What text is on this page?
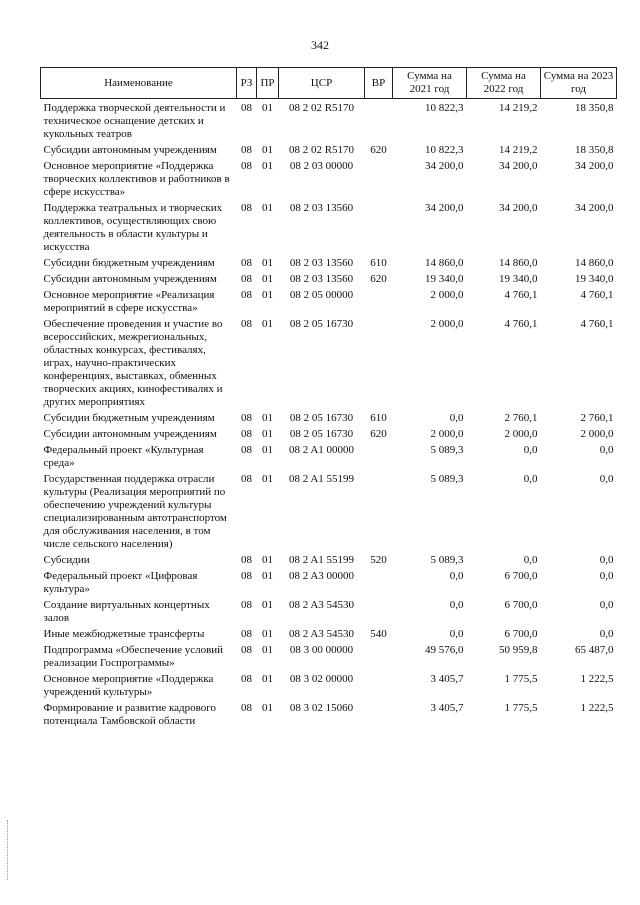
342
Наименование	РЗ	ПР	ЦСР	ВР	Сумма на 2021 год	Сумма на 2022 год	Сумма на 2023 год
Поддержка творческой деятельности и техническое оснащение детских и кукольных театров	08	01	08 2 02 R5170		10 822,3	14 219,2	18 350,8
Субсидии автономным учреждениям	08	01	08 2 02 R5170	620	10 822,3	14 219,2	18 350,8
Основное мероприятие «Поддержка творческих коллективов и работников в сфере искусства»	08	01	08 2 03 00000		34 200,0	34 200,0	34 200,0
Поддержка театральных и творческих коллективов, осуществляющих свою деятельность в области культуры и искусства	08	01	08 2 03 13560		34 200,0	34 200,0	34 200,0
Субсидии бюджетным учреждениям	08	01	08 2 03 13560	610	14 860,0	14 860,0	14 860,0
Субсидии автономным учреждениям	08	01	08 2 03 13560	620	19 340,0	19 340,0	19 340,0
Основное мероприятие «Реализация мероприятий в сфере искусства»	08	01	08 2 05 00000		2 000,0	4 760,1	4 760,1
Обеспечение проведения и участие во всероссийских, межрегиональных, областных конкурсах, фестивалях, играх, научно-практических конференциях, выставках, обменных творческих акциях, кинофестивалях и других мероприятиях	08	01	08 2 05 16730		2 000,0	4 760,1	4 760,1
Субсидии бюджетным учреждениям	08	01	08 2 05 16730	610	0,0	2 760,1	2 760,1
Субсидии автономным учреждениям	08	01	08 2 05 16730	620	2 000,0	2 000,0	2 000,0
Федеральный проект «Культурная среда»	08	01	08 2 A1 00000		5 089,3	0,0	0,0
Государственная поддержка отрасли культуры (Реализация мероприятий по обеспечению учреждений культуры специализированным автотранспортом для обслуживания населения, в том числе сельского населения)	08	01	08 2 A1 55199		5 089,3	0,0	0,0
Субсидии	08	01	08 2 A1 55199	520	5 089,3	0,0	0,0
Федеральный проект «Цифровая культура»	08	01	08 2 A3 00000		0,0	6 700,0	0,0
Создание виртуальных концертных залов	08	01	08 2 A3 54530		0,0	6 700,0	0,0
Иные межбюджетные трансферты	08	01	08 2 A3 54530	540	0,0	6 700,0	0,0
Подпрограмма «Обеспечение условий реализации Госпрограммы»	08	01	08 3 00 00000		49 576,0	50 959,8	65 487,0
Основное мероприятие «Поддержка учреждений культуры»	08	01	08 3 02 00000		3 405,7	1 775,5	1 222,5
Формирование и развитие кадрового потенциала Тамбовской области	08	01	08 3 02 15060		3 405,7	1 775,5	1 222,5
